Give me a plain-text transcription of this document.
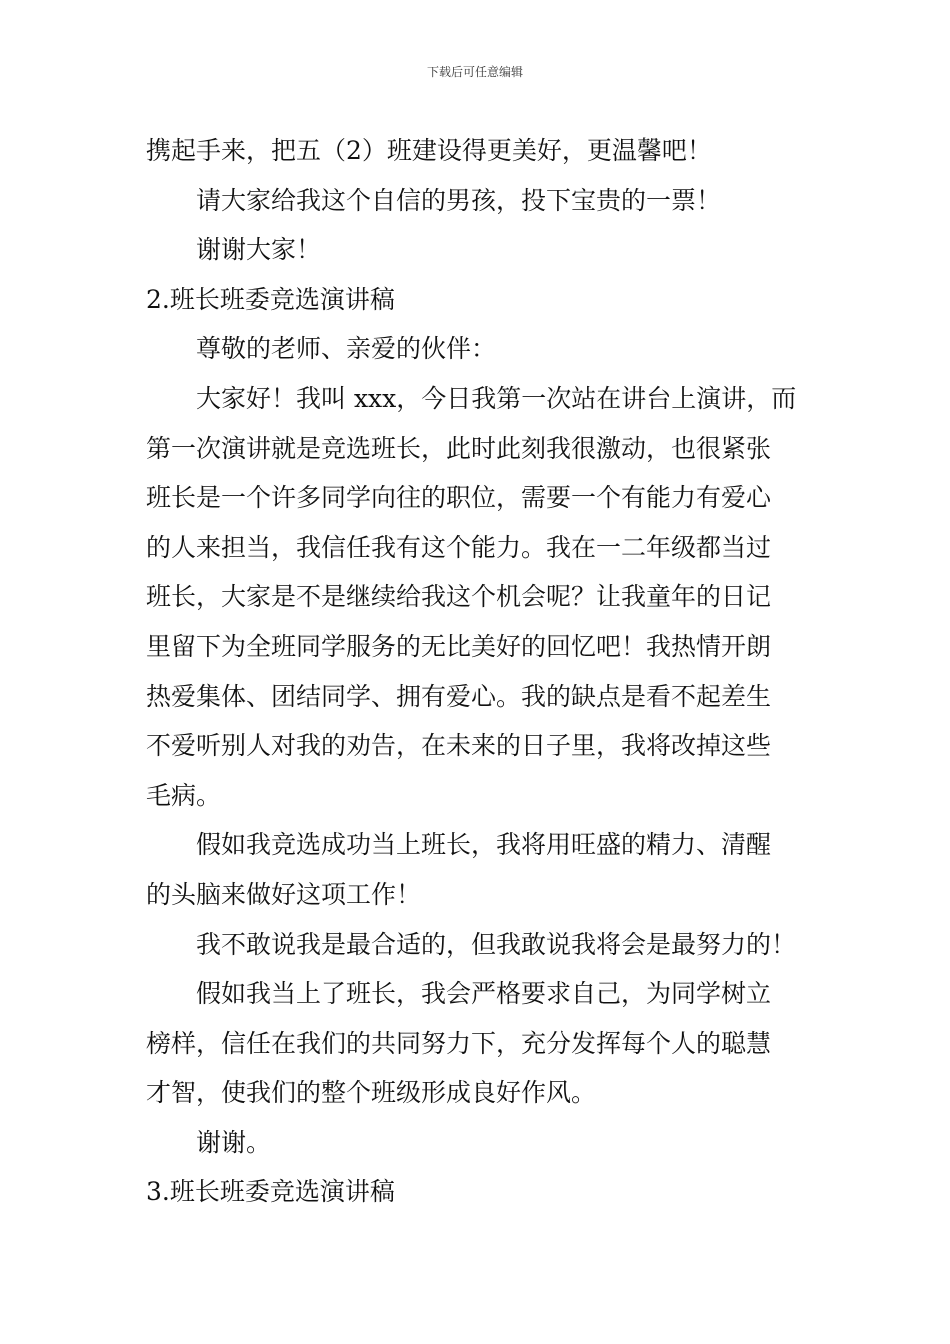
下载后可任意编辑
携起手来，把五（2）班建设得更美好，更温馨吧！
请大家给我这个自信的男孩，投下宝贵的一票！
谢谢大家！
2.班长班委竞选演讲稿
尊敬的老师、亲爱的伙伴：
大家好！我叫 xxx，今日我第一次站在讲台上演讲，而
第一次演讲就是竞选班长，此时此刻我很激动，也很紧张
班长是一个许多同学向往的职位，需要一个有能力有爱心
的人来担当，我信任我有这个能力。我在一二年级都当过
班长，大家是不是继续给我这个机会呢？让我童年的日记
里留下为全班同学服务的无比美好的回忆吧！我热情开朗
热爱集体、团结同学、拥有爱心。我的缺点是看不起差生
不爱听别人对我的劝告，在未来的日子里，我将改掉这些
毛病。
假如我竞选成功当上班长，我将用旺盛的精力、清醒
的头脑来做好这项工作！
我不敢说我是最合适的，但我敢说我将会是最努力的！
假如我当上了班长，我会严格要求自己，为同学树立
榜样，信任在我们的共同努力下，充分发挥每个人的聪慧
才智，使我们的整个班级形成良好作风。
谢谢。
3.班长班委竞选演讲稿
